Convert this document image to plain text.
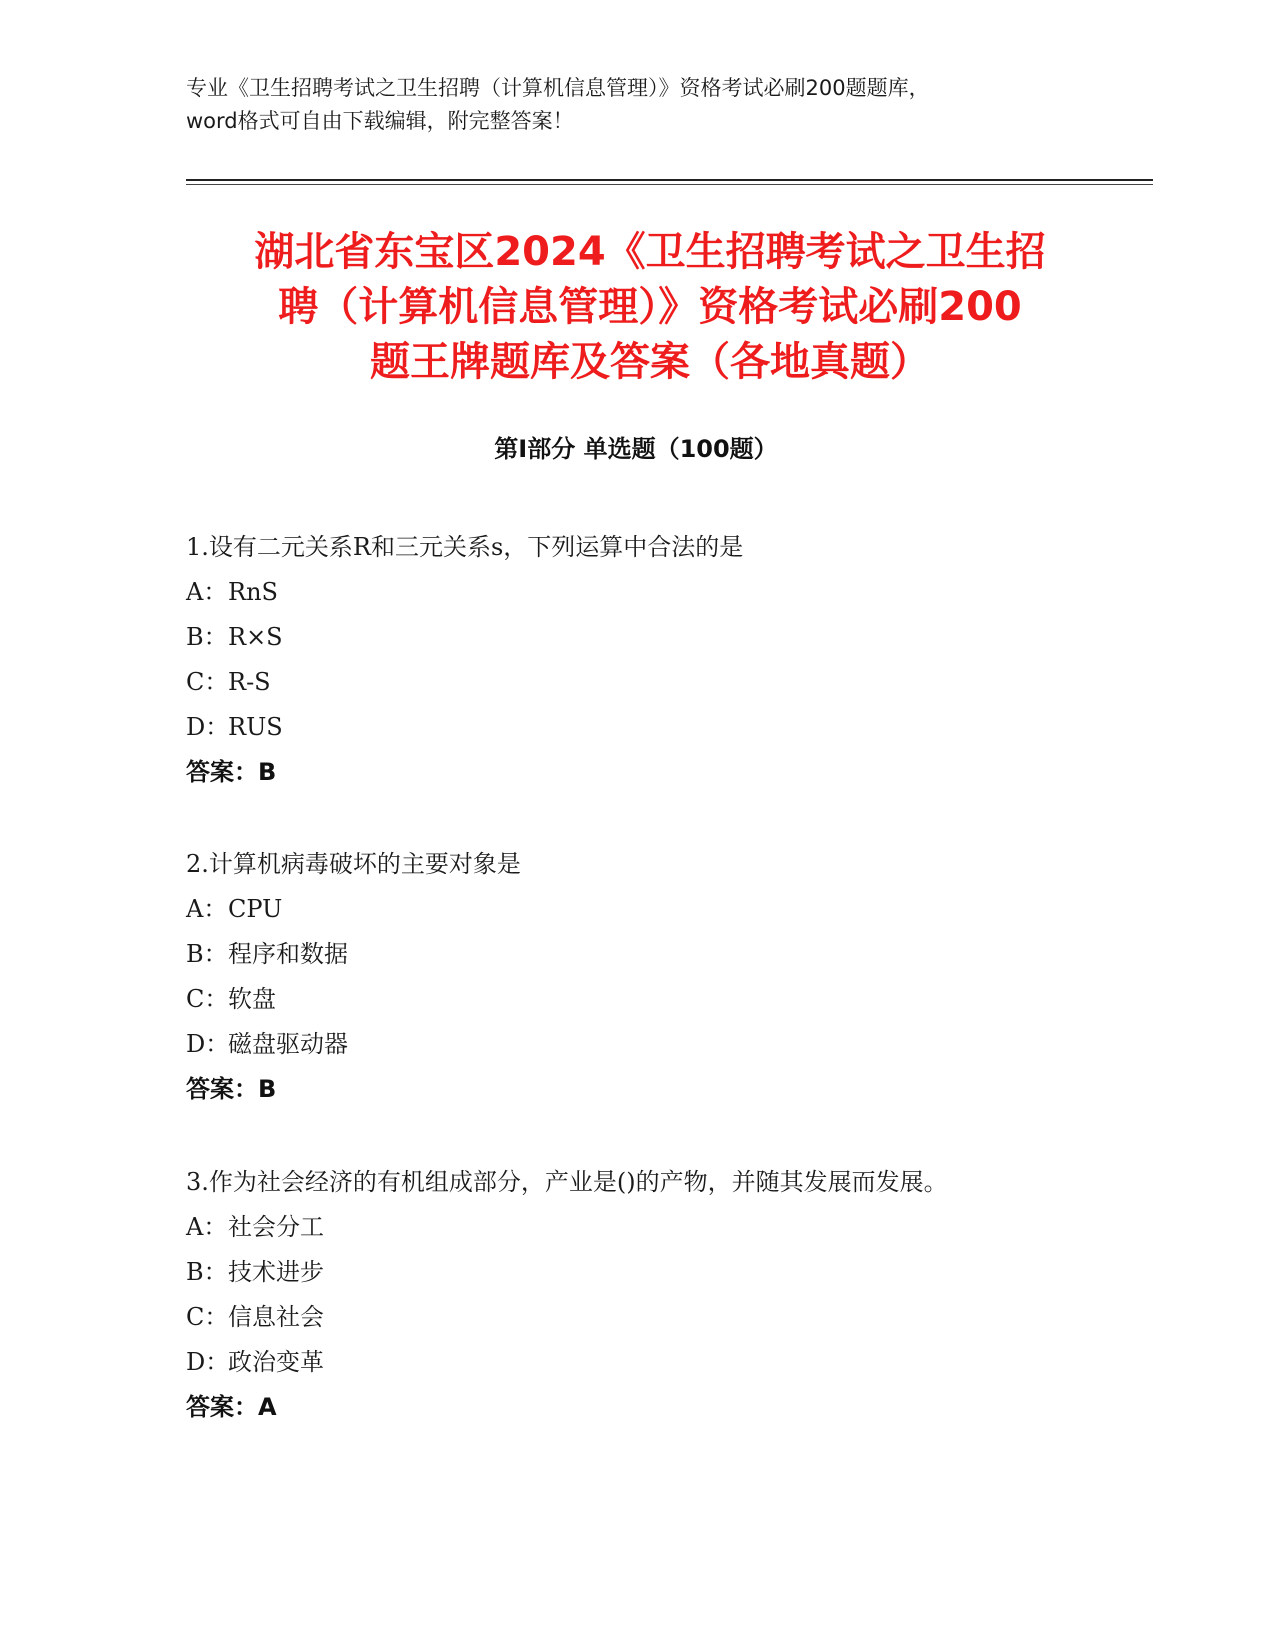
专业《卫生招聘考试之卫生招聘（计算机信息管理）》资格考试必刷200题题库，
word格式可自由下载编辑，附完整答案！
湖北省东宝区2024《卫生招聘考试之卫生招
聘（计算机信息管理）》资格考试必刷200
题王牌题库及答案（各地真题）
第Ⅰ部分 单选题（100题）
1.设有二元关系R和三元关系s，下列运算中合法的是
A：RnS
B：R×S
C：R-S
D：RUS
答案：B
2.计算机病毒破坏的主要对象是
A：CPU
B：程序和数据
C：软盘
D：磁盘驱动器
答案：B
3.作为社会经济的有机组成部分，产业是()的产物，并随其发展而发展。
A：社会分工
B：技术进步
C：信息社会
D：政治变革
答案：A
